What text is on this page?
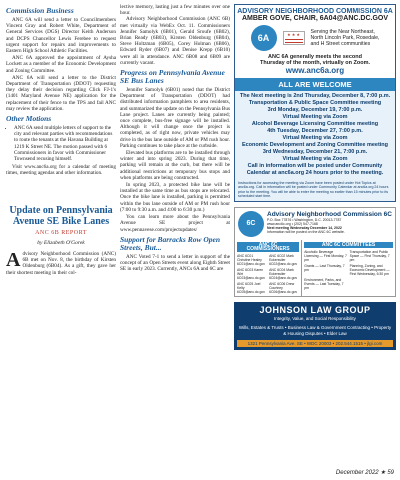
Commission Business

ANC 6A will send a letter to Councilmembers Vincent Gray and Robert White, Department of General Services (DGS) Director Keith Anderson and DCPS Chancellor Lewis Ferebee to request urgent support for repairs and improvements to Eastern High School Athletic Facilities.

ANC 6A approved the appointment of Aysha Lockett as a member of the Economic Development and Zoning Committee.

ANC 6A will send a letter to the District Department of Transportation (DDOT) requesting they delay their decision regarding Click FJ-1's (1401 Maryland Avenue NE) application for the replacement of their fence to the TPS and fail ANC may review the application.

Other Motions
• ANC 6A send multiple letters of support to the city and relevant parties with recommendations to route the tenants at the Havana Building at 1219 K Street NE. The motion passed with 6 Commissioners in favor with Commissioner Townsend recusing himself.

Visit www.anc6a.org for a calendar of meeting times, meeting agendas and other information.

Update on Pennsylvania Avenue SE Bike Lanes
ANC 6B REPORT
by Elizabeth O'Gorek

Advisory Neighborhood Commission (ANC) 6B met on Nov. 8, the birthday of Kirsten Oldenburg (6B04). As a gift, they gave her their shortest meeting in their col-

lective memory, lasting just a few minutes over one hour.

Advisory Neighborhood Commission (ANC 6B) met virtually via WebEx Oct. 11. Commissioners Jennifer Samolyk (6B01), Gerald Sroufe (6B02), Brian Ready (6B03), Kirsten Oldenburg (6B04), Steve Holtzman (6B05), Corey Holman (6B06), Edward Ryder (6B07) and Denise Krepp (6B10) were all in attendance. ANC 6B08 and 6B09 are currently vacant.

Progress on Pennsylvania Avenue SE Bus Lanes

Jennifer Samolyk (6B01) noted that the District Department of Transportation (DDOT) had distributed information pamphlets to area residents, and summarized the update on the Pennsylvania Bus Lane project. Lanes are currently being painted; once complete, bus-free signage will be installed. Although it will change once the project is completed, as of right now, private vehicles may drive in the bus lane outside of AM or PM rush hour. Parking continues to take place at the curbside.

Elevated bus platforms are to be installed through winter and into spring 2023. During that time, parking will remain at the curb, but there will be additional restrictions at temporary bus stops and when platforms are being constructed.

In spring 2023, a protected bike lane will be installed at the same time as bus stops are relocated. Once the bike lane is installed, parking is permitted within the bus lane outside of AM or PM rush hour (7:00 to 9:30 a.m. and 4:00 to 6:30 p.m.)

You can learn more about the Pennsylvania Avenue SE project at www.pennavese.com/projectupdates/

Support for Barracks Row Open Streets, But...

ANC Voted 7-1 to send a letter in support of the concept of an Open Streets event along Eighth Street SE in early 2023. Currently, ANCs 6A and 6C are

ADVISORY NEIGHBORHOOD COMMISSION 6A
AMBER GOVE, CHAIR, 6A04@ANC.DC.GOV
6A	★ ★ ★	Serving the Near Northeast,
North Lincoln Park, Rosedale,
and H Street communities
ANC 6A generally meets the second
Thursday of the month, virtually on Zoom.
www.anc6a.org
ALL ARE WELCOME
The Next meeting is 2nd Thursday, December 8, 7:00 p.m.
Transportation & Public Space Committee meeting
3rd Monday, December 19, 7:00 p.m.
Virtual Meeting via Zoom
Alcohol Beverage Licensing Committee meeting
4th Tuesday, December 27, 7:00 p.m.
Virtual Meeting via Zoom
Economic Development and Zoning Committee meeting
3rd Wednesday, December 21, 7:00 p.m.
Virtual Meeting via Zoom
Call in information will be posted under Community
Calendar at anc6a.org 24 hours prior to the meeting.
Instructions for accessing the meeting via Zoom have been posted under Hot Topics at anc6a.org. Call in information will be posted under Community Calendar at anc6a.org 24 hours prior to the meeting. You will be able to enter the meeting no earlier than 15 minutes prior to its scheduled start time.
6C
Advisory Neighborhood Commission 6C
P.O. Box 77876 • Washington, D.C. 20013-7787
www.anc6c.org • (202) 547-7168
Next meeting Wednesday December 14, 2022
Information will be posted on the ANC 6C website.
ANC 6C COMMISSIONERS
ANC 6C01 Christine Healey 6C01@anc.dc.gov
ANC 6C02 Mark Eckenwiler 6C02@anc.dc.gov
ANC 6C03 Karen Wirt 6C03@anc.dc.gov
ANC 6C04 Mark Eckenwiler 6C04@anc.dc.gov
ANC 6C05 Joel Kelty 6C05@anc.dc.gov
ANC 6C06 Drew Courtney 6C06@anc.dc.gov
ANC 6C COMMITTEES
Alcoholic Beverage Licensing — First Monday, 7 pm
Transportation and Public Space — First Thursday, 7 pm
Grants — Last Thursday, 7 pm
Planning, Zoning, and Economic Development — First Wednesday, 6:30 pm
Environment, Parks, and Events — Last Tuesday, 7 pm
JOHNSON LAW GROUP
Integrity, Value, and Social Responsibility
Wills, Estates & Trusts • Business Law & Government Contracting • Property & Housing Disputes • Elder Law
1321 Pennsylvania Ave. SE • WDC 20003 • 202.544.1515 • jlgi.com
December 2022 ★ 59
